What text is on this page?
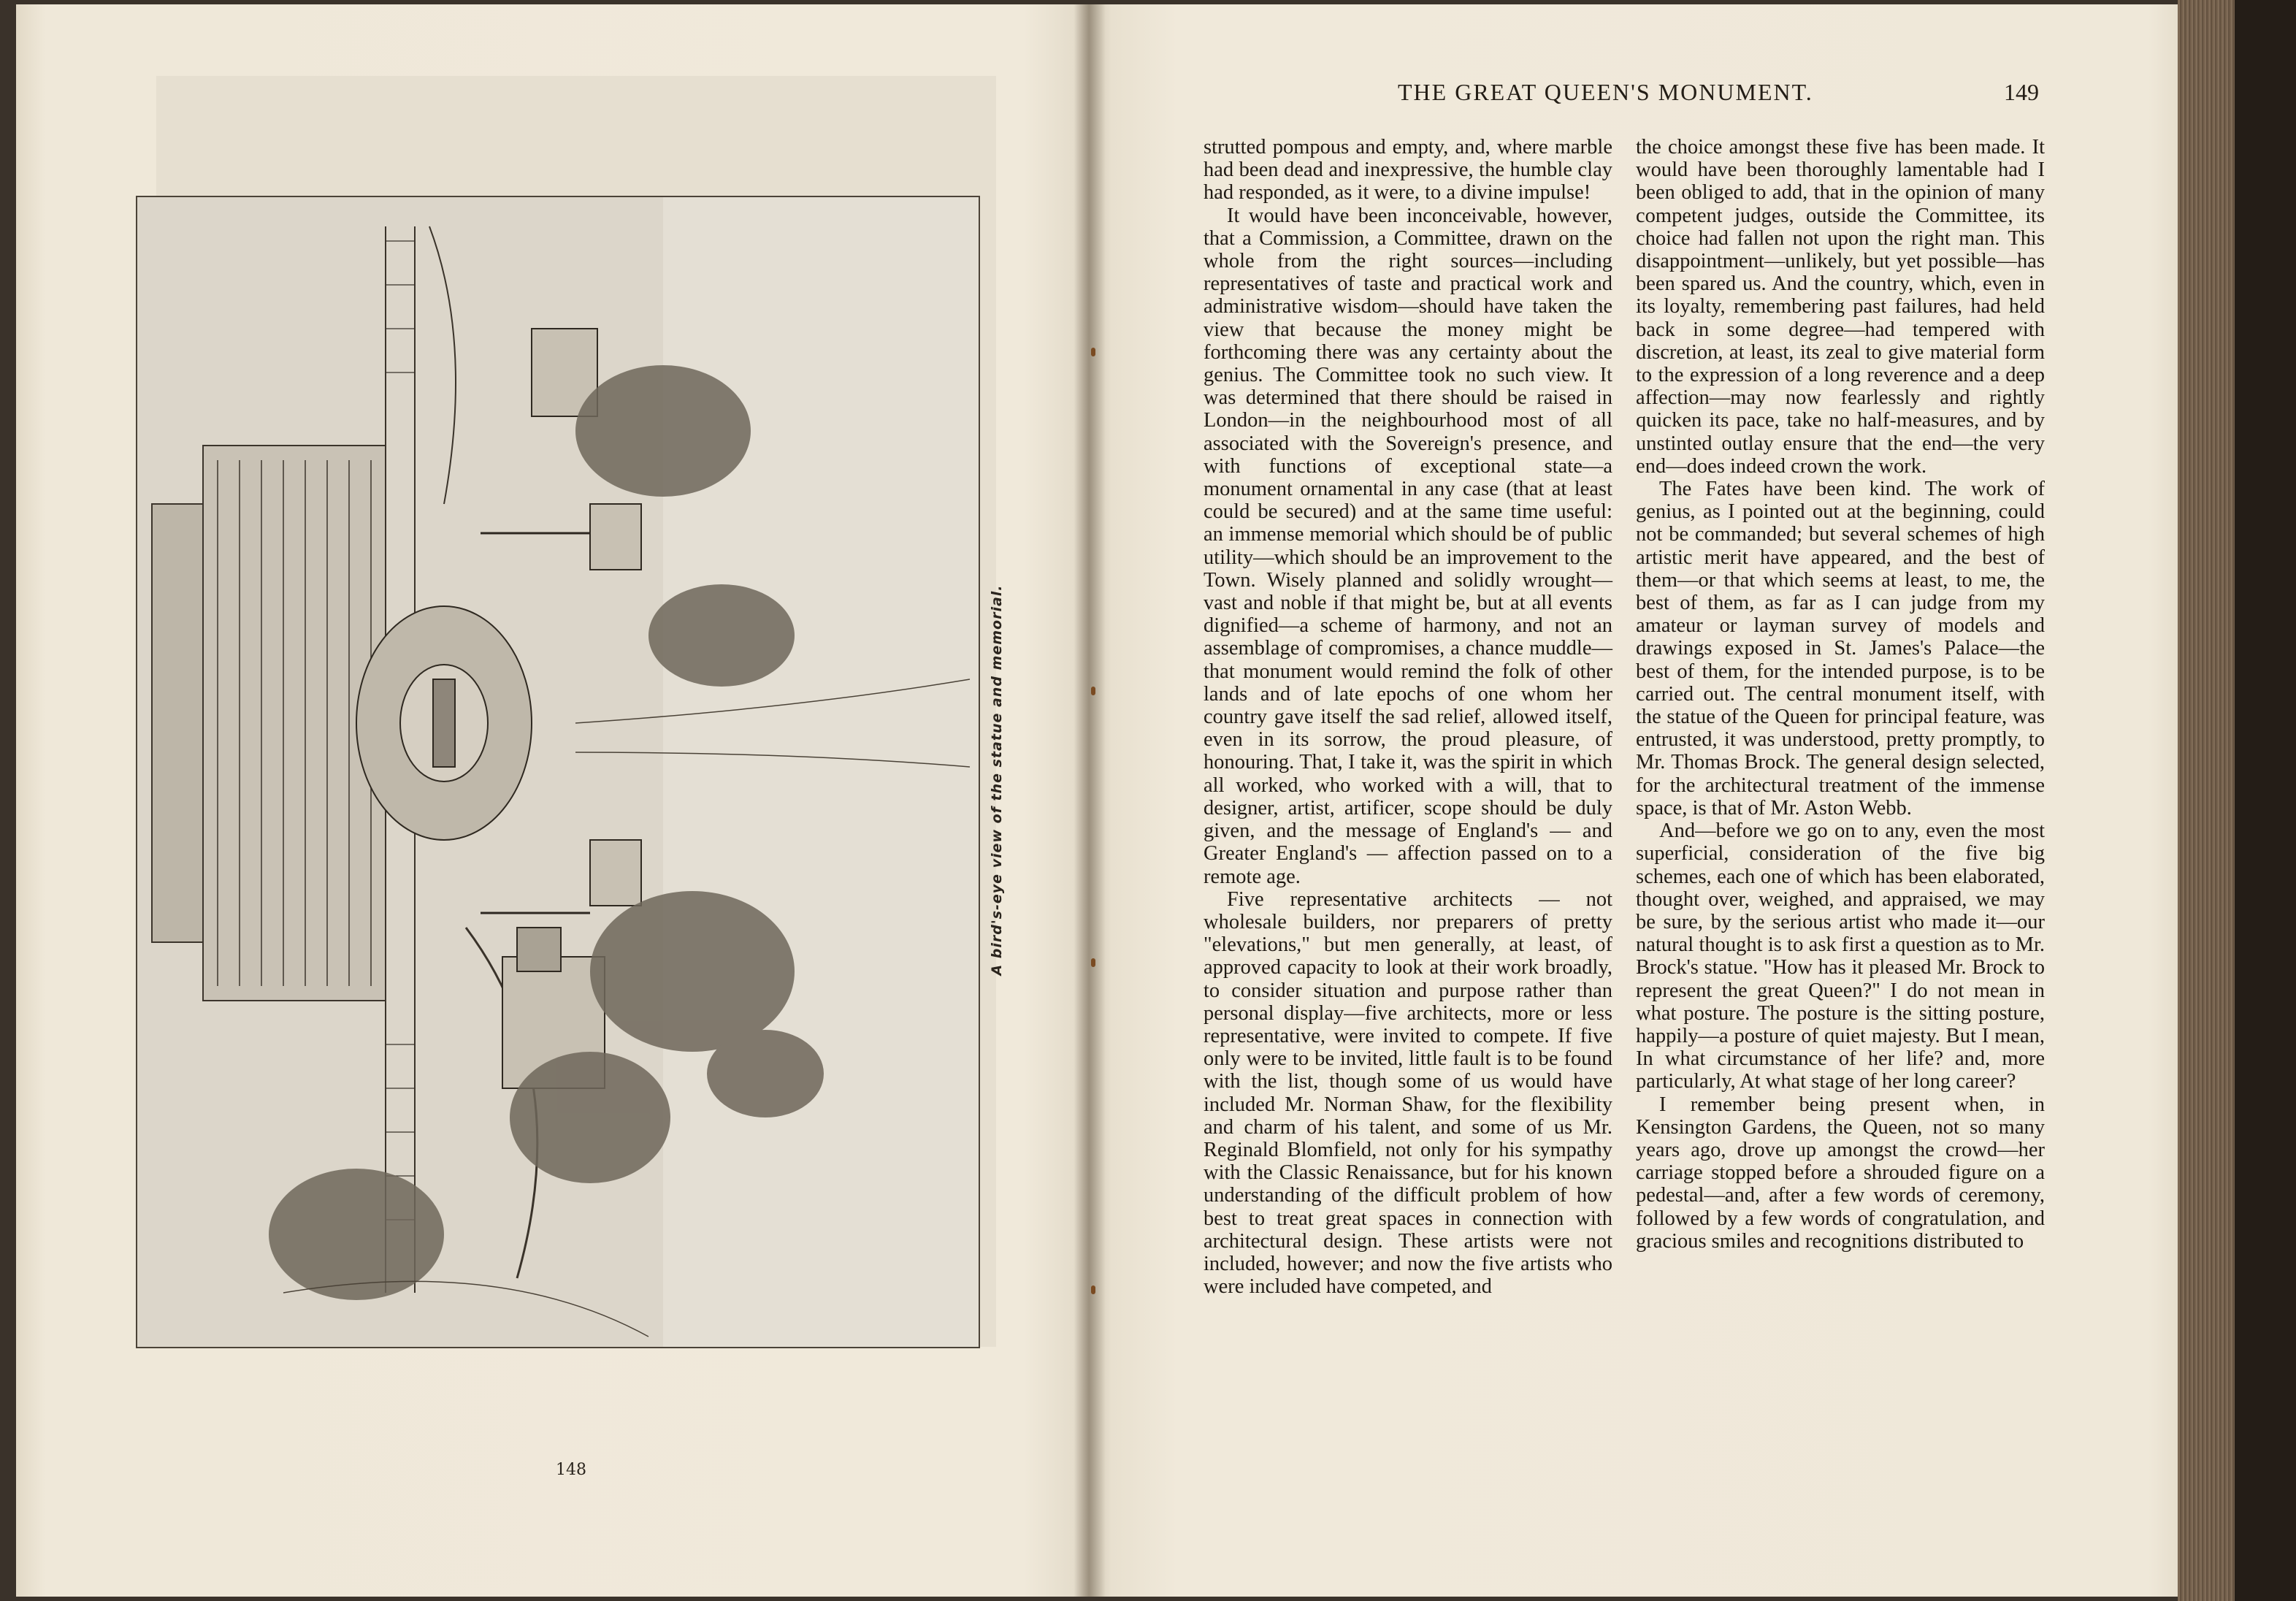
A bird's-eye view of the statue and memorial.
148
THE GREAT QUEEN'S MONUMENT.	149

strutted pompous and empty, and, where marble had been dead and inexpressive, the humble clay had responded, as it were, to a divine impulse!

It would have been inconceivable, however, that a Commission, a Committee, drawn on the whole from the right sources—including representatives of taste and practical work and administrative wisdom—should have taken the view that because the money might be forthcoming there was any certainty about the genius. The Committee took no such view. It was determined that there should be raised in London—in the neighbourhood most of all associated with the Sovereign's presence, and with functions of exceptional state—a monument ornamental in any case (that at least could be secured) and at the same time useful: an immense memorial which should be of public utility—which should be an improvement to the Town. Wisely planned and solidly wrought—vast and noble if that might be, but at all events dignified—a scheme of harmony, and not an assemblage of compromises, a chance muddle—that monument would remind the folk of other lands and of late epochs of one whom her country gave itself the sad relief, allowed itself, even in its sorrow, the proud pleasure, of honouring. That, I take it, was the spirit in which all worked, who worked with a will, that to designer, artist, artificer, scope should be duly given, and the message of England's — and Greater England's — affection passed on to a remote age.

Five representative architects — not wholesale builders, nor preparers of pretty "elevations," but men generally, at least, of approved capacity to look at their work broadly, to consider situation and purpose rather than personal display—five architects, more or less representative, were invited to compete. If five only were to be invited, little fault is to be found with the list, though some of us would have included Mr. Norman Shaw, for the flexibility and charm of his talent, and some of us Mr. Reginald Blomfield, not only for his sympathy with the Classic Renaissance, but for his known understanding of the difficult problem of how best to treat great spaces in connection with architectural design. These artists were not included, however; and now the five artists who were included have competed, and

the choice amongst these five has been made. It would have been thoroughly lamentable had I been obliged to add, that in the opinion of many competent judges, outside the Committee, its choice had fallen not upon the right man. This disappointment—unlikely, but yet possible—has been spared us. And the country, which, even in its loyalty, remembering past failures, had held back in some degree—had tempered with discretion, at least, its zeal to give material form to the expression of a long reverence and a deep affection—may now fearlessly and rightly quicken its pace, take no half-measures, and by unstinted outlay ensure that the end—the very end—does indeed crown the work.

The Fates have been kind. The work of genius, as I pointed out at the beginning, could not be commanded; but several schemes of high artistic merit have appeared, and the best of them—or that which seems at least, to me, the best of them, as far as I can judge from my amateur or layman survey of models and drawings exposed in St. James's Palace—the best of them, for the intended purpose, is to be carried out. The central monument itself, with the statue of the Queen for principal feature, was entrusted, it was understood, pretty promptly, to Mr. Thomas Brock. The general design selected, for the architectural treatment of the immense space, is that of Mr. Aston Webb.

And—before we go on to any, even the most superficial, consideration of the five big schemes, each one of which has been elaborated, thought over, weighed, and appraised, we may be sure, by the serious artist who made it—our natural thought is to ask first a question as to Mr. Brock's statue. "How has it pleased Mr. Brock to represent the great Queen?" I do not mean in what posture. The posture is the sitting posture, happily—a posture of quiet majesty. But I mean, In what circumstance of her life? and, more particularly, At what stage of her long career?

I remember being present when, in Kensington Gardens, the Queen, not so many years ago, drove up amongst the crowd—her carriage stopped before a shrouded figure on a pedestal—and, after a few words of ceremony, followed by a few words of congratulation, and gracious smiles and recognitions distributed to
